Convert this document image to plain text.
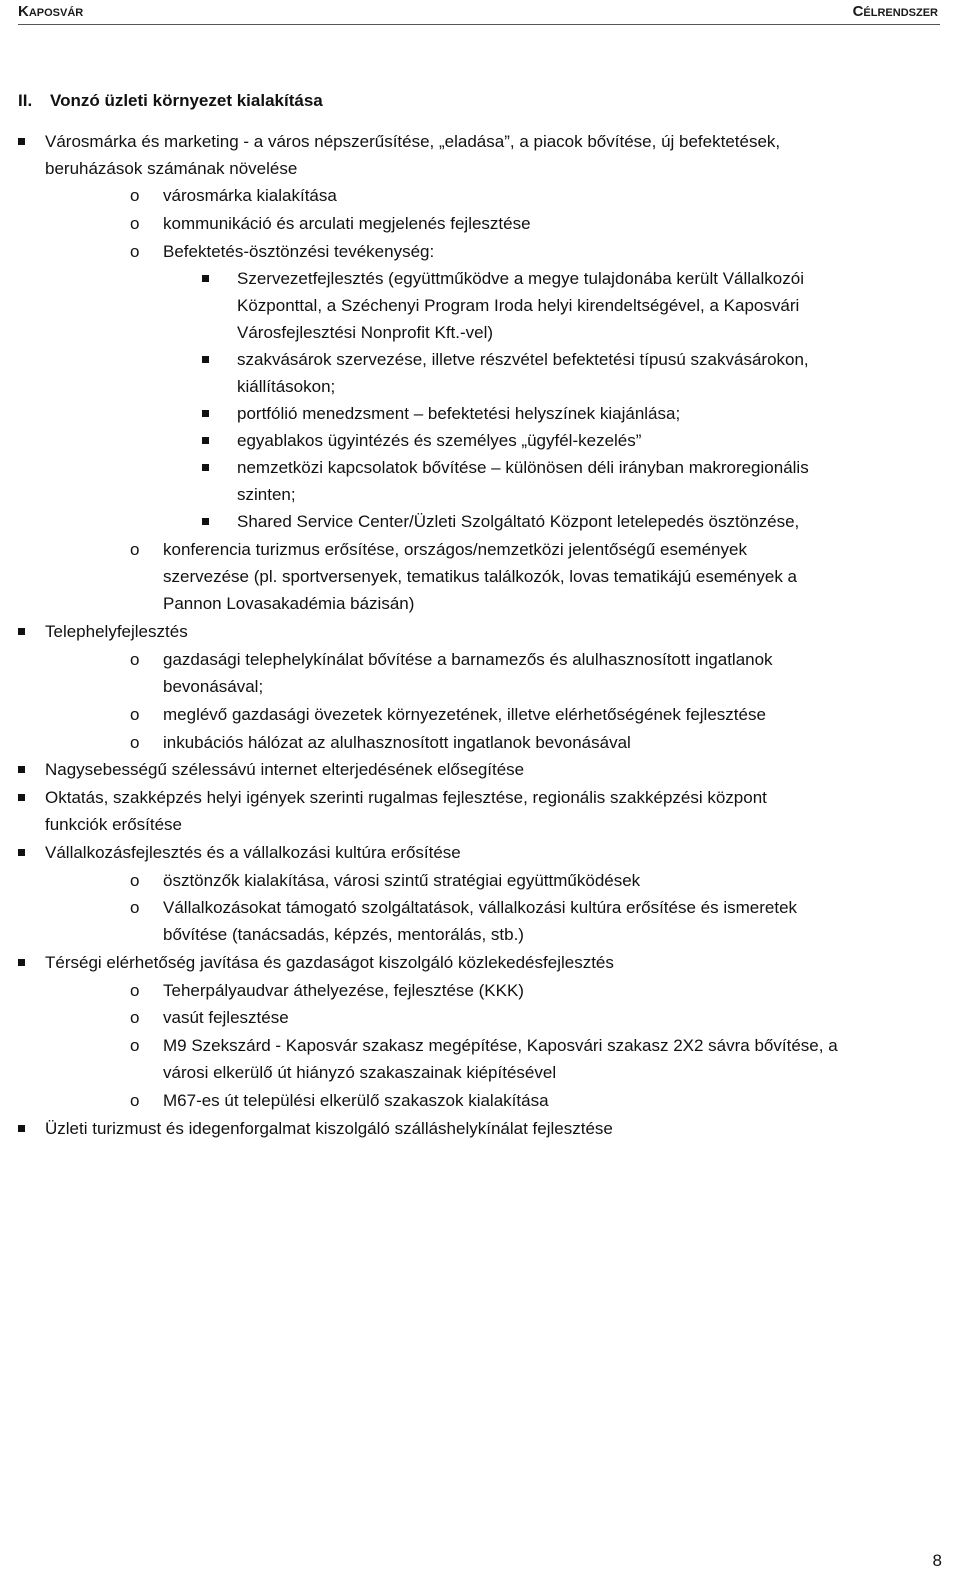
Kaposvár	Célrendszer
II. Vonzó üzleti környezet kialakítása
Városmárka és marketing - a város népszerűsítése, „eladása”, a piacok bővítése, új befektetések,
beruházások számának növelése
o városmárka kialakítása
o kommunikáció és arculati megjelenés fejlesztése
o Befektetés-ösztönzési tevékenység:
Szervezetfejlesztés (együttműködve a megye tulajdonába került Vállalkozói
Központtal, a Széchenyi Program Iroda helyi kirendeltségével, a Kaposvári
Városfejlesztési Nonprofit Kft.-vel)
szakvásárok szervezése, illetve részvétel befektetési típusú szakvásárokon,
kiállításokon;
portfólió menedzsment – befektetési helyszínek kiajánlása;
egyablakos ügyintézés és személyes „ügyfél-kezelés”
nemzetközi kapcsolatok bővítése – különösen déli irányban makroregionális
szinten;
Shared Service Center/Üzleti Szolgáltató Központ letelepedés ösztönzése,
o konferencia turizmus erősítése, országos/nemzetközi jelentőségű események
szervezése (pl. sportversenyek, tematikus találkozók, lovas tematikájú események a
Pannon Lovasakadémia bázisán)
Telephelyfejlesztés
o gazdasági telephelykínálat bővítése a barnamezős és alulhasznosított ingatlanok
bevonásával;
o meglévő gazdasági övezetek környezetének, illetve elérhetőségének fejlesztése
o inkubációs hálózat az alulhasznosított ingatlanok bevonásával
Nagysebességű szélessávú internet elterjedésének elősegítése
Oktatás, szakképzés helyi igények szerinti rugalmas fejlesztése, regionális szakképzési központ
funkciók erősítése
Vállalkozásfejlesztés és a vállalkozási kultúra erősítése
o ösztönzők kialakítása, városi szintű stratégiai együttműködések
o Vállalkozásokat támogató szolgáltatások, vállalkozási kultúra erősítése és ismeretek
bővítése (tanácsadás, képzés, mentorálás, stb.)
Térségi elérhetőség javítása és gazdaságot kiszolgáló közlekedésfejlesztés
o Teherpályaudvar áthelyezése, fejlesztése (KKK)
o vasút fejlesztése
o M9 Szekszárd - Kaposvár szakasz megépítése, Kaposvári szakasz 2X2 sávra bővítése, a
városi elkerülő út hiányzó szakaszainak kiépítésével
o M67-es út települési elkerülő szakaszok kialakítása
Üzleti turizmust és idegenforgalmat kiszolgáló szálláshelykínálat fejlesztése
8
